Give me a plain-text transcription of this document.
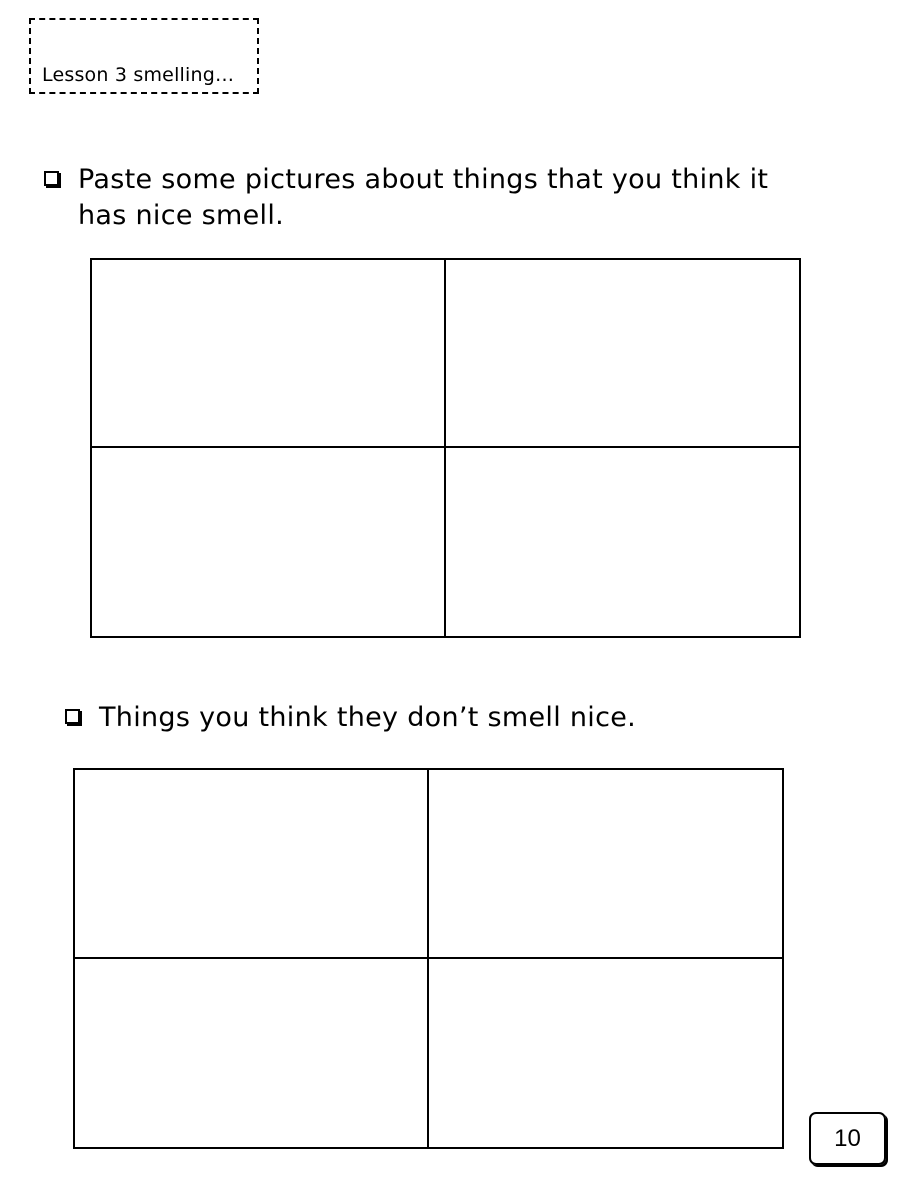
Lesson 3 smelling…
Paste some pictures about things that you think it has nice smell.
Things you think they don’t smell nice.
10
